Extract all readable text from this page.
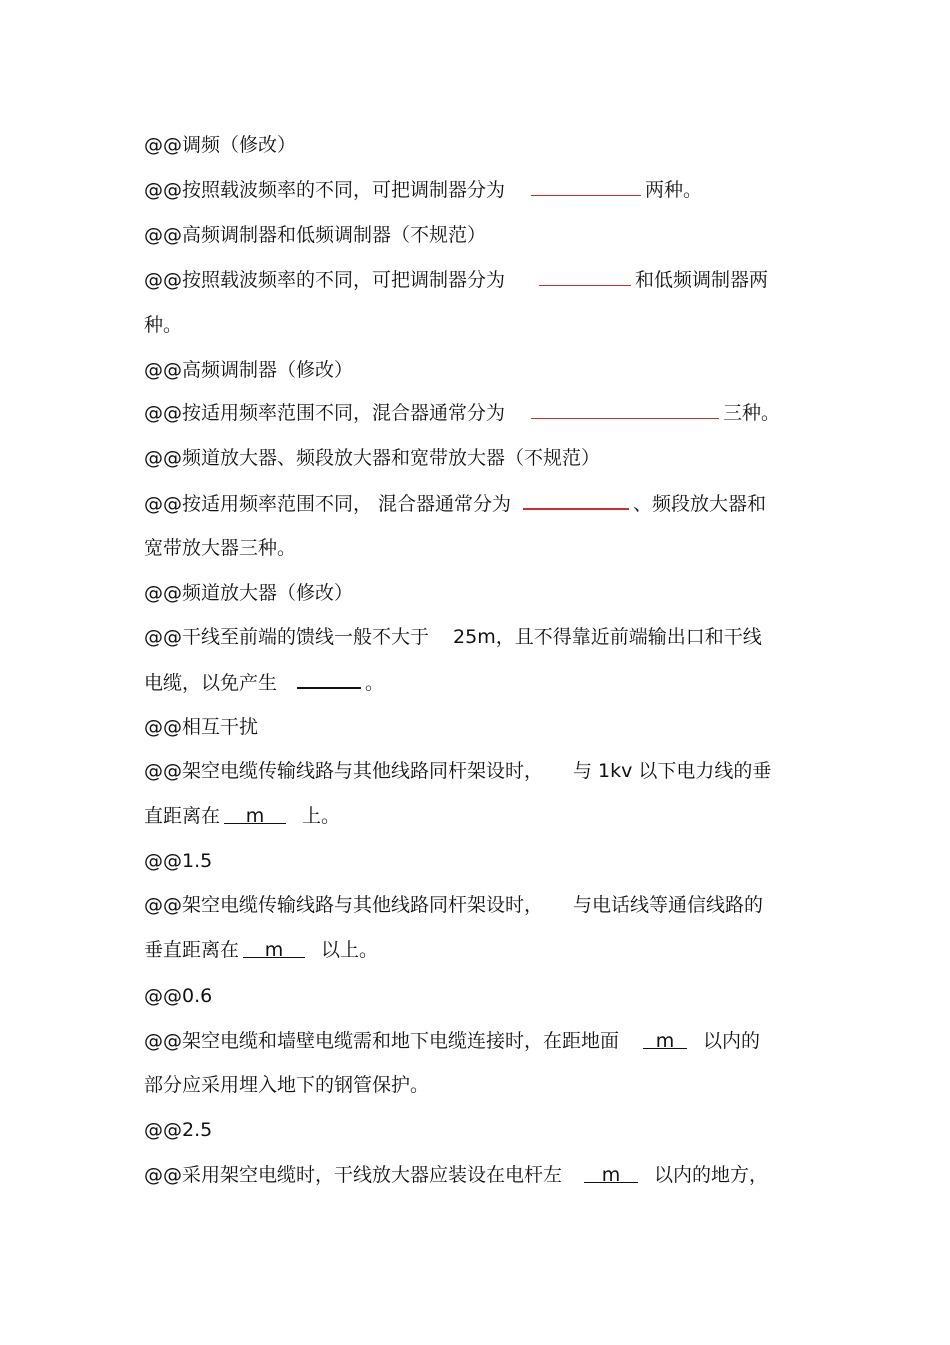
@@调频（修改）
@@按照载波频率的不同，可把调制器分为	两种。
@@高频调制器和低频调制器（不规范）
@@按照载波频率的不同，可把调制器分为	和低频调制器两
种。
@@高频调制器（修改）
@@按适用频率范围不同，混合器通常分为	三种。
@@频道放大器、频段放大器和宽带放大器（不规范）
@@按适用频率范围不同， 混合器通常分为	、频段放大器和
宽带放大器三种。
@@频道放大器（修改）
@@干线至前端的馈线一般不大于 25m，且不得靠近前端输出口和干线
电缆，以免产生	。
@@相互干扰
@@架空电缆传输线路与其他线路同杆架设时， 与 1kv 以下电力线的垂
直距离在 m 上。
@@1.5
@@架空电缆传输线路与其他线路同杆架设时， 与电话线等通信线路的
垂直距离在 m 以上。
@@0.6
@@架空电缆和墙壁电缆需和地下电缆连接时，在距地面 m 以内的
部分应采用埋入地下的钢管保护。
@@2.5
@@采用架空电缆时，干线放大器应装设在电杆左 m 以内的地方，
